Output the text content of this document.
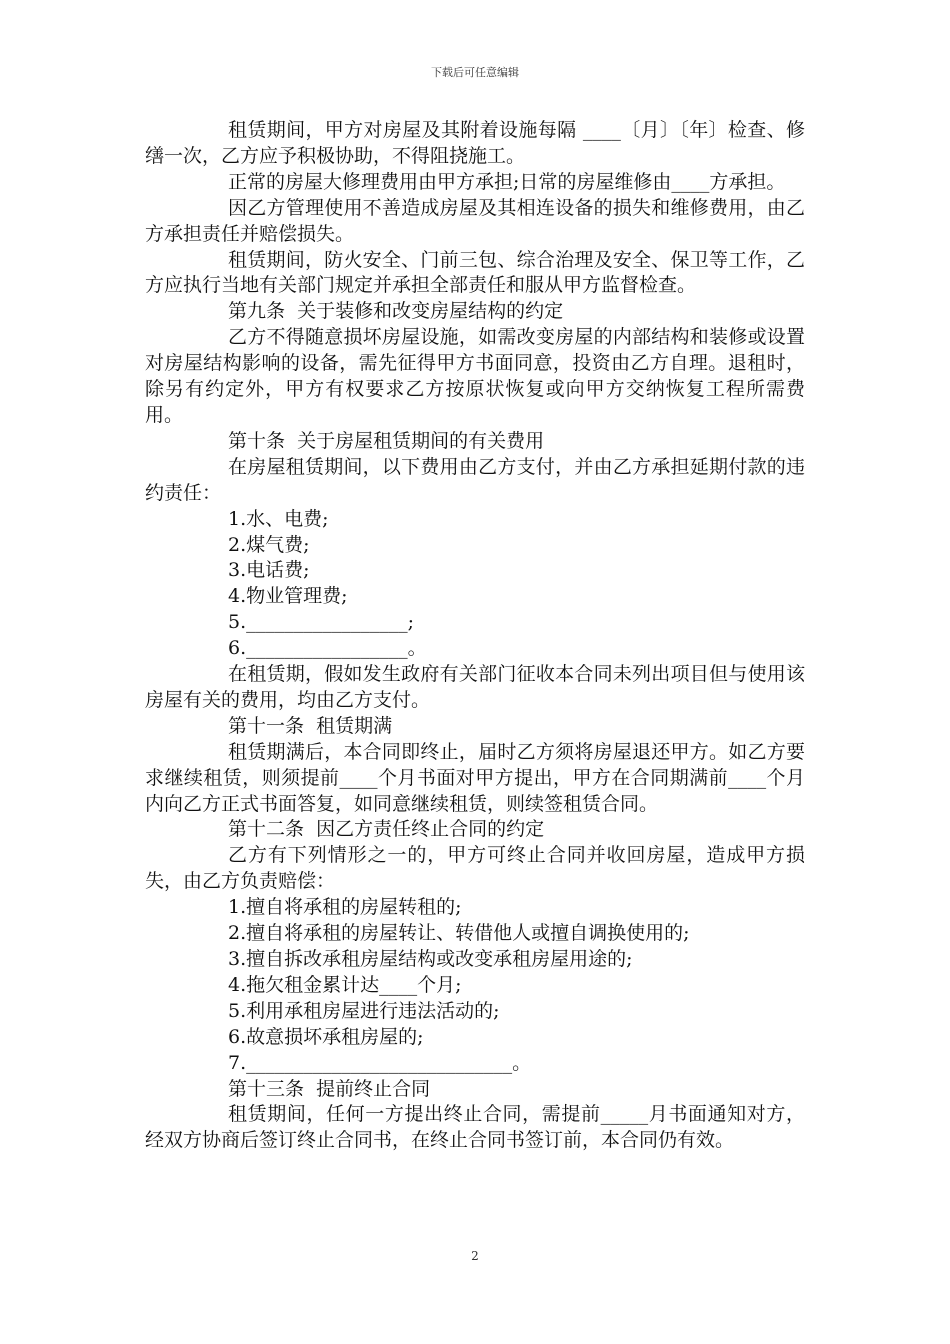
下载后可任意编辑
租赁期间，甲方对房屋及其附着设施每隔 ____〔月〕〔年〕检查、修缮一次，乙方应予积极协助，不得阻挠施工。
正常的房屋大修理费用由甲方承担;日常的房屋维修由____方承担。
因乙方管理使用不善造成房屋及其相连设备的损失和维修费用，由乙方承担责任并赔偿损失。
租赁期间，防火安全、门前三包、综合治理及安全、保卫等工作，乙方应执行当地有关部门规定并承担全部责任和服从甲方监督检查。
第九条  关于装修和改变房屋结构的约定
乙方不得随意损坏房屋设施，如需改变房屋的内部结构和装修或设置对房屋结构影响的设备，需先征得甲方书面同意，投资由乙方自理。退租时，除另有约定外，甲方有权要求乙方按原状恢复或向甲方交纳恢复工程所需费用。
第十条  关于房屋租赁期间的有关费用
在房屋租赁期间，以下费用由乙方支付，并由乙方承担延期付款的违约责任：
1.水、电费;
2.煤气费;
3.电话费;
4.物业管理费;
5._________________;
6._________________。
在租赁期，假如发生政府有关部门征收本合同未列出项目但与使用该房屋有关的费用，均由乙方支付。
第十一条  租赁期满
租赁期满后，本合同即终止，届时乙方须将房屋退还甲方。如乙方要求继续租赁，则须提前____个月书面对甲方提出，甲方在合同期满前____个月内向乙方正式书面答复，如同意继续租赁，则续签租赁合同。
第十二条  因乙方责任终止合同的约定
乙方有下列情形之一的，甲方可终止合同并收回房屋，造成甲方损失，由乙方负责赔偿：
1.擅自将承租的房屋转租的;
2.擅自将承租的房屋转让、转借他人或擅自调换使用的;
3.擅自拆改承租房屋结构或改变承租房屋用途的;
4.拖欠租金累计达____个月;
5.利用承租房屋进行违法活动的;
6.故意损坏承租房屋的;
7.____________________________。
第十三条  提前终止合同
租赁期间，任何一方提出终止合同，需提前_____月书面通知对方，经双方协商后签订终止合同书，在终止合同书签订前，本合同仍有效。
2
